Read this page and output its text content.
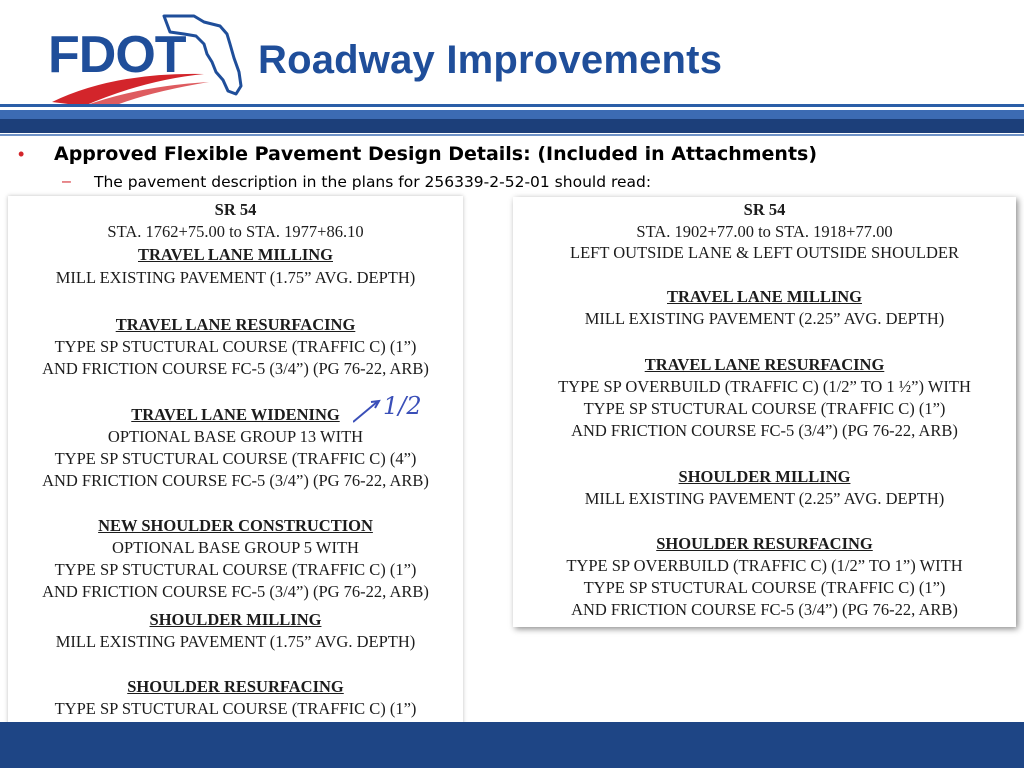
FDOT Roadway Improvements
•	Approved Flexible Pavement Design Details: (Included in Attachments)
–	The pavement description in the plans for 256339-2-52-01 should read:
SR 54
STA. 1762+75.00 to STA. 1977+86.10
TRAVEL LANE MILLING
MILL EXISTING PAVEMENT (1.75” AVG. DEPTH)
TRAVEL LANE RESURFACING
TYPE SP STUCTURAL COURSE (TRAFFIC C) (1”)
AND FRICTION COURSE FC-5 (3/4”) (PG 76-22, ARB)
TRAVEL LANE WIDENING
OPTIONAL BASE GROUP 13 WITH
TYPE SP STUCTURAL COURSE (TRAFFIC C) (4”)
AND FRICTION COURSE FC-5 (3/4”) (PG 76-22, ARB)
NEW SHOULDER CONSTRUCTION
OPTIONAL BASE GROUP 5 WITH
TYPE SP STUCTURAL COURSE (TRAFFIC C) (1”)
AND FRICTION COURSE FC-5 (3/4”) (PG 76-22, ARB)
SHOULDER MILLING
MILL EXISTING PAVEMENT (1.75” AVG. DEPTH)
SHOULDER RESURFACING
TYPE SP STUCTURAL COURSE (TRAFFIC C) (1”)
1/2
SR 54
STA. 1902+77.00 to STA. 1918+77.00
LEFT OUTSIDE LANE & LEFT OUTSIDE SHOULDER
TRAVEL LANE MILLING
MILL EXISTING PAVEMENT (2.25” AVG. DEPTH)
TRAVEL LANE RESURFACING
TYPE SP OVERBUILD (TRAFFIC C) (1/2” TO 1 ½”) WITH
TYPE SP STUCTURAL COURSE (TRAFFIC C) (1”)
AND FRICTION COURSE FC-5 (3/4”) (PG 76-22, ARB)
SHOULDER MILLING
MILL EXISTING PAVEMENT (2.25” AVG. DEPTH)
SHOULDER RESURFACING
TYPE SP OVERBUILD (TRAFFIC C) (1/2” TO 1”) WITH
TYPE SP STUCTURAL COURSE (TRAFFIC C) (1”)
AND FRICTION COURSE FC-5 (3/4”) (PG 76-22, ARB)
